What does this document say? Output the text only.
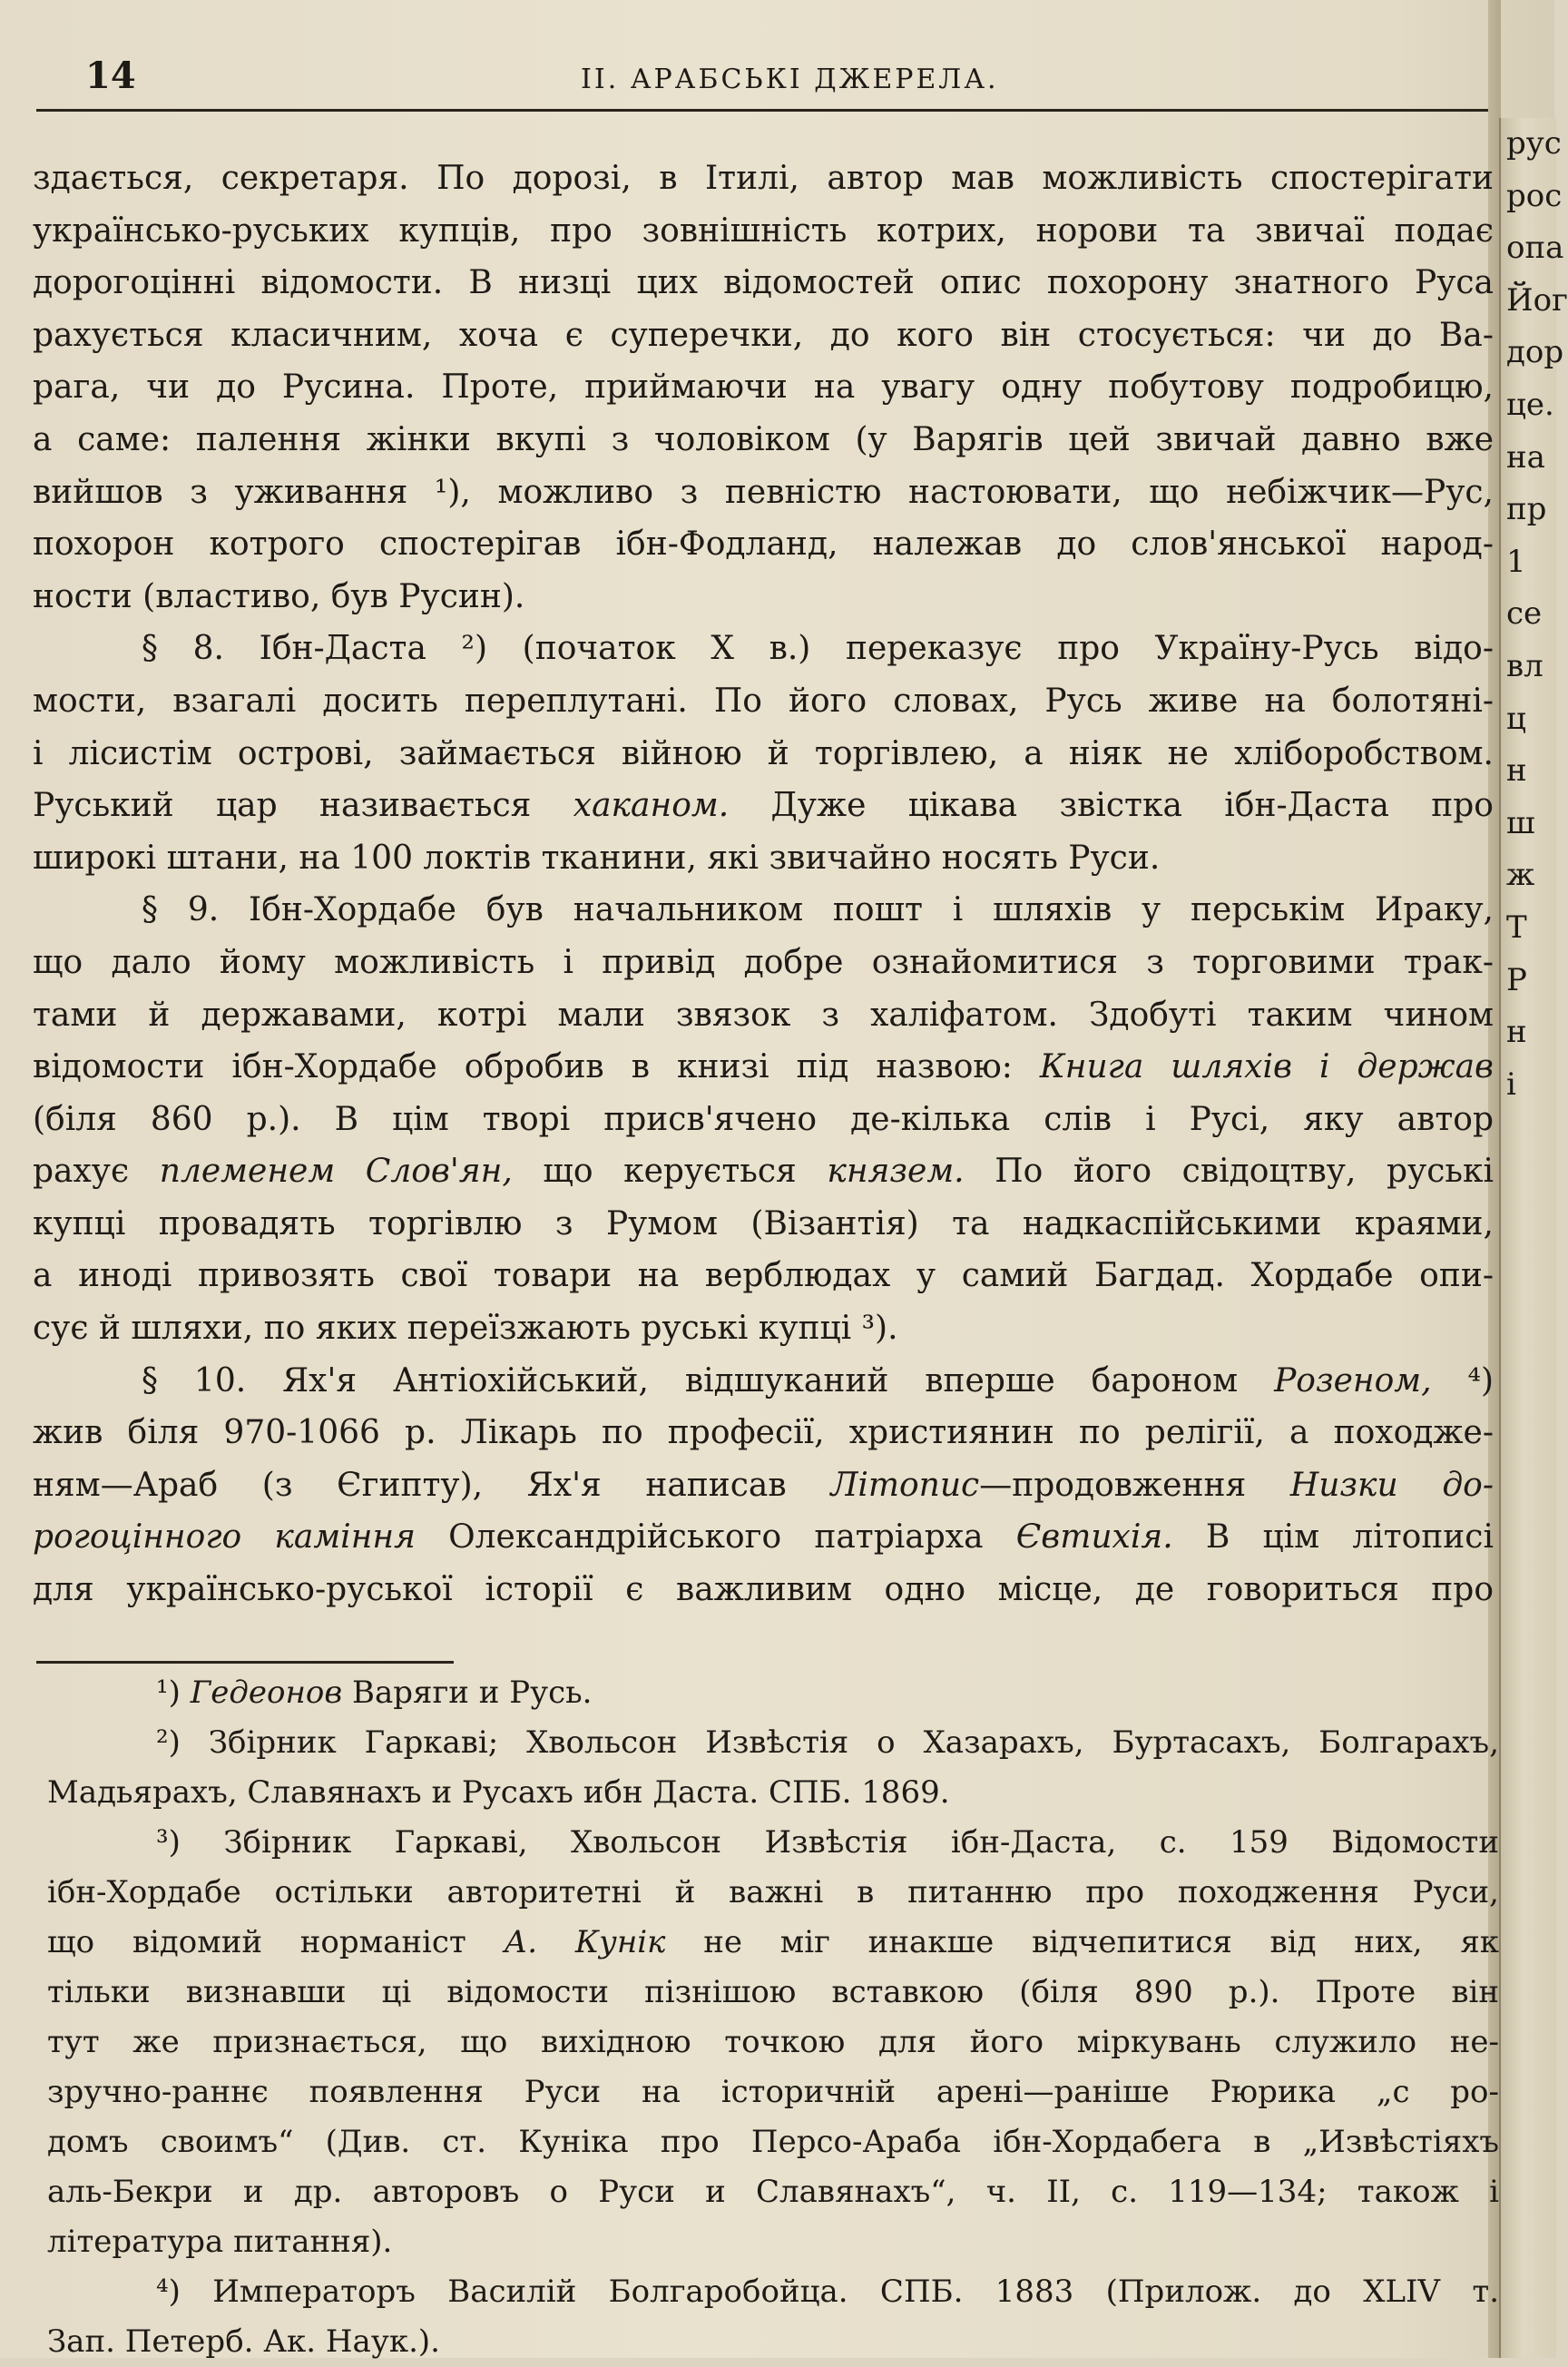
14	II. АРАБСЬКІ ДЖЕРЕЛА.
здається, секретаря. По дорозі, в Ітилі, автор мав можливість спостерігати
українсько-руських купців, про зовнішність котрих, норови та звичаї подає
дорогоцінні відомости. В низці цих відомостей опис похорону знатного Руса
рахується класичним, хоча є суперечки, до кого він стосується: чи до Ва-
рага, чи до Русина. Проте, приймаючи на увагу одну побутову подробицю,
а саме: палення жінки вкупі з чоловіком (у Варягів цей звичай давно вже
вийшов з уживання ¹), можливо з певністю настоювати, що небіжчик—Рус,
похорон котрого спостерігав ібн-Фодланд, належав до слов'янської народ-
ности (властиво, був Русин).
§ 8. Ібн-Даста ²) (початок X в.) переказує про Україну-Русь відо-
мости, взагалі досить переплутані. По його словах, Русь живе на болотяні-
і лісистім острові, займається війною й торгівлею, а ніяк не хліборобством.
Руський цар називається хаканом. Дуже цікава звістка ібн-Даста про
широкі штани, на 100 локтів тканини, які звичайно носять Руси.
§ 9. Ібн-Хордабе був начальником пошт і шляхів у перськім Ираку,
що дало йому можливість і привід добре ознайомитися з торговими трак-
тами й державами, котрі мали звязок з халіфатом. Здобуті таким чином
відомости ібн-Хордабе обробив в книзі під назвою: Книга шляхів і держав
(біля 860 р.). В цім творі присв'ячено де-кілька слів і Русі, яку автор
рахує племенем Слов'ян, що керується князем. По його свідоцтву, руські
купці провадять торгівлю з Румом (Візантія) та надкаспійськими краями,
а иноді привозять свої товари на верблюдах у самий Багдад. Хордабе опи-
сує й шляхи, по яких переїзжають руські купці ³).
§ 10. Ях'я Антіохійський, відшуканий вперше бароном Розеном, ⁴)
жив біля 970-1066 р. Лікарь по професії, християнин по релігії, а походже-
ням—Араб (з Єгипту), Ях'я написав Літопис—продовження Низки до-
рогоцінного каміння Олександрійського патріарха Євтихія. В цім літописі
для українсько-руської історії є важливим одно місце, де говориться про
¹) Гедеонов Варяги и Русь.
²) Збірник Гаркаві; Хвольсон Извѣстія о Хазарахъ, Буртасахъ, Болгарахъ,
Мадьярахъ, Славянахъ и Русахъ ибн Даста. СПБ. 1869.
³) Збірник Гаркаві, Хвольсон Извѣстія ібн-Даста, с. 159 Відомости
ібн-Хордабе остільки авторитетні й важні в питанню про походження Руси,
що відомий норманіст А. Кунік не міг инакше відчепитися від них, як
тільки визнавши ці відомости пізнішою вставкою (біля 890 р.). Проте він
тут же признається, що вихідною точкою для його міркувань служило не-
зручно-раннє появлення Руси на історичній арені—раніше Рюрика „с ро-
домъ своимъ“ (Див. ст. Куніка про Персо-Араба ібн-Хордабега в „Извѣстіяхъ
аль-Бекри и др. авторовъ о Руси и Славянахъ“, ч. II, с. 119—134; також і
література питання).
⁴) Императоръ Василій Болгаробойца. СПБ. 1883 (Прилож. до XLIV т.
Зап. Петерб. Ак. Наук.).
рус
рос
опа
Йог
дор
це.
на
пр
1
се
вл
ц
н
ш
ж
Т
Р
н
і
